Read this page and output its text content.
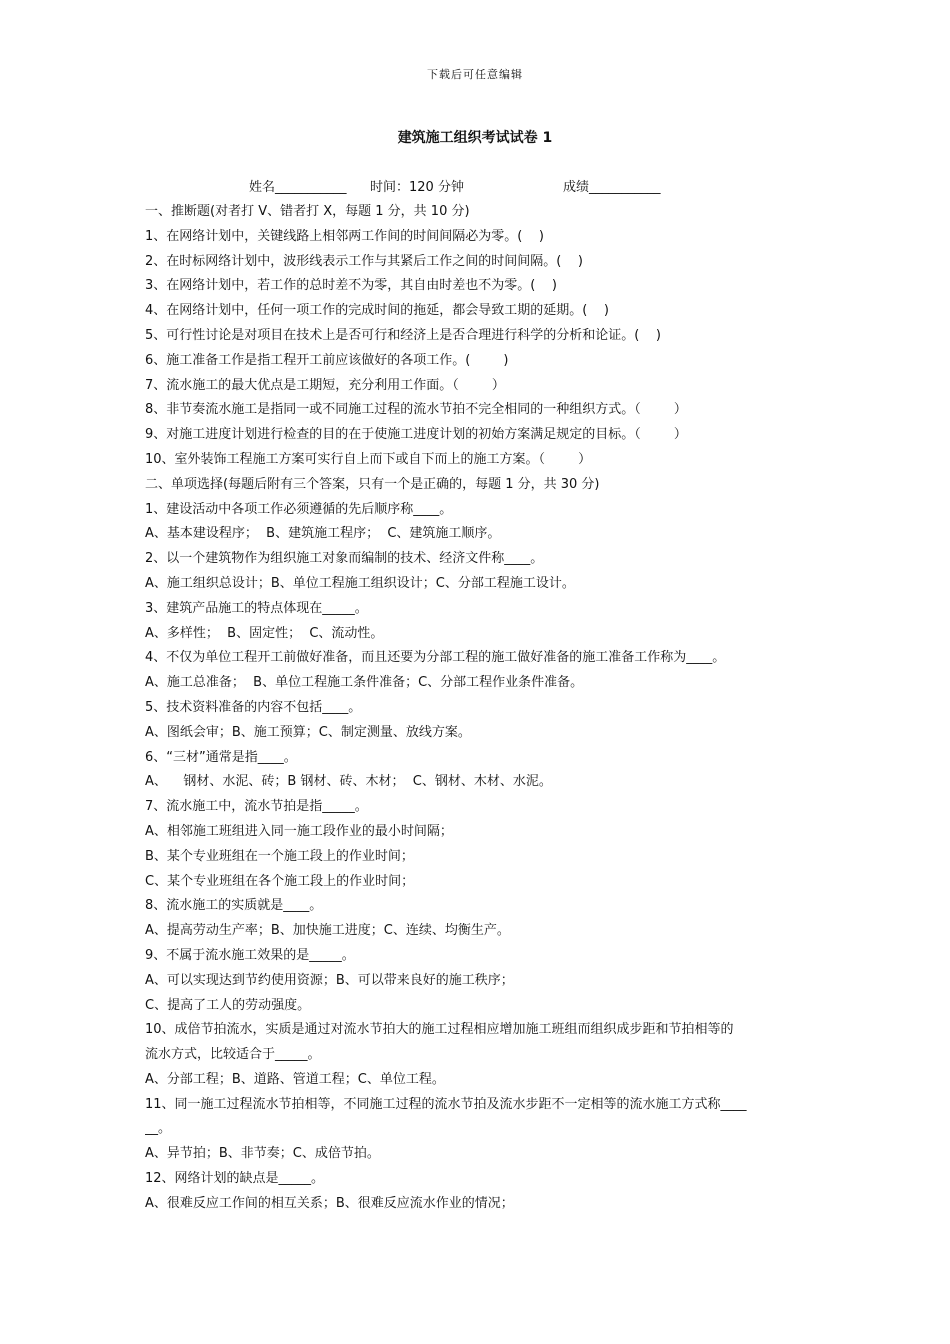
下载后可任意编辑
建筑施工组织考试试卷 1
姓名___________ 时间：120 分钟	成绩___________
一、推断题(对者打 V、错者打 X，每题 1 分，共 10 分)
1、在网络计划中，关键线路上相邻两工作间的时间间隔必为零。(    )
2、在时标网络计划中，波形线表示工作与其紧后工作之间的时间间隔。(    )
3、在网络计划中，若工作的总时差不为零，其自由时差也不为零。(    )
4、在网络计划中，任何一项工作的完成时间的拖延，都会导致工期的延期。(    )
5、可行性讨论是对项目在技术上是否可行和经济上是否合理进行科学的分析和论证。(    )
6、施工准备工作是指工程开工前应该做好的各项工作。(        )
7、流水施工的最大优点是工期短，充分利用工作面。（        ）
8、非节奏流水施工是指同一或不同施工过程的流水节拍不完全相同的一种组织方式。（        ）
9、对施工进度计划进行检查的目的在于使施工进度计划的初始方案满足规定的目标。（        ）
10、室外装饰工程施工方案可实行自上而下或自下而上的施工方案。（        ）
二、单项选择(每题后附有三个答案，只有一个是正确的，每题 1 分，共 30 分)
1、建设活动中各项工作必须遵循的先后顺序称____。
A、基本建设程序；  B、建筑施工程序；  C、建筑施工顺序。
2、以一个建筑物作为组织施工对象而编制的技术、经济文件称____。
A、施工组织总设计；B、单位工程施工组织设计；C、分部工程施工设计。
3、建筑产品施工的特点体现在_____。
A、多样性；  B、固定性；  C、流动性。
4、不仅为单位工程开工前做好准备，而且还要为分部工程的施工做好准备的施工准备工作称为____。
A、施工总准备；  B、单位工程施工条件准备；C、分部工程作业条件准备。
5、技术资料准备的内容不包括____。
A、图纸会审；B、施工预算；C、制定测量、放线方案。
6、“三材”通常是指____。
A、    钢材、水泥、砖；B 钢材、砖、木材；  C、钢材、木材、水泥。
7、流水施工中，流水节拍是指_____。
A、相邻施工班组进入同一施工段作业的最小时间隔；
B、某个专业班组在一个施工段上的作业时间；
C、某个专业班组在各个施工段上的作业时间；
8、流水施工的实质就是____。
A、提高劳动生产率；B、加快施工进度；C、连续、均衡生产。
9、不属于流水施工效果的是_____。
A、可以实现达到节约使用资源；B、可以带来良好的施工秩序；
C、提高了工人的劳动强度。
10、成倍节拍流水，实质是通过对流水节拍大的施工过程相应增加施工班组而组织成步距和节拍相等的
流水方式，比较适合于_____。
A、分部工程；B、道路、管道工程；C、单位工程。
11、同一施工过程流水节拍相等，不同施工过程的流水节拍及流水步距不一定相等的流水施工方式称____
__。
A、异节拍；B、非节奏；C、成倍节拍。
12、网络计划的缺点是_____。
A、很难反应工作间的相互关系；B、很难反应流水作业的情况；
